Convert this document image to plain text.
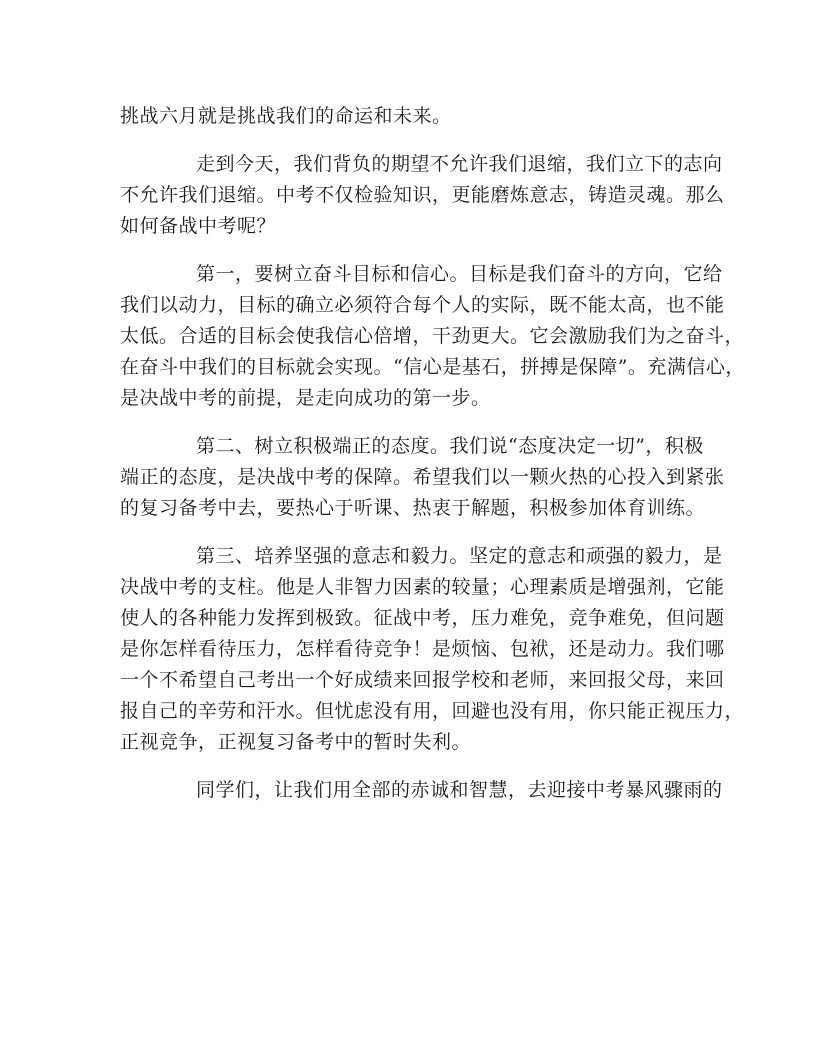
挑战六月就是挑战我们的命运和未来。
走到今天，我们背负的期望不允许我们退缩，我们立下的志向
不允许我们退缩。中考不仅检验知识，更能磨炼意志，铸造灵魂。那么
如何备战中考呢？
第一，要树立奋斗目标和信心。目标是我们奋斗的方向，它给
我们以动力，目标的确立必须符合每个人的实际，既不能太高，也不能
太低。合适的目标会使我信心倍增，干劲更大。它会激励我们为之奋斗，
在奋斗中我们的目标就会实现。“信心是基石，拼搏是保障”。充满信心，
是决战中考的前提，是走向成功的第一步。
第二、树立积极端正的态度。我们说“态度决定一切”，积极
端正的态度，是决战中考的保障。希望我们以一颗火热的心投入到紧张
的复习备考中去，要热心于听课、热衷于解题，积极参加体育训练。
第三、培养坚强的意志和毅力。坚定的意志和顽强的毅力，是
决战中考的支柱。他是人非智力因素的较量；心理素质是增强剂，它能
使人的各种能力发挥到极致。征战中考，压力难免，竞争难免，但问题
是你怎样看待压力，怎样看待竞争！是烦恼、包袱，还是动力。我们哪
一个不希望自己考出一个好成绩来回报学校和老师，来回报父母，来回
报自己的辛劳和汗水。但忧虑没有用，回避也没有用，你只能正视压力，
正视竞争，正视复习备考中的暂时失利。
同学们，让我们用全部的赤诚和智慧，去迎接中考暴风骤雨的
